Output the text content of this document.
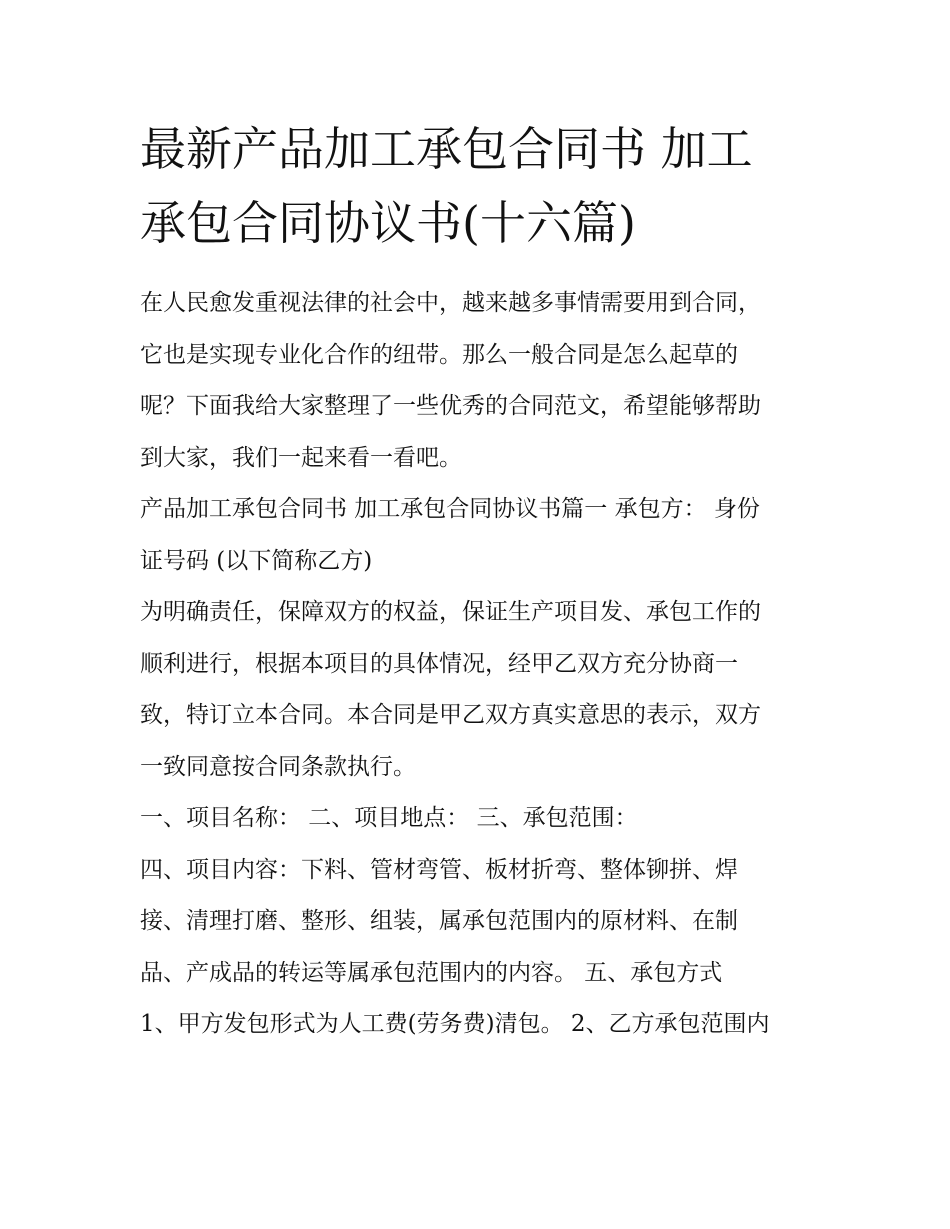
最新产品加工承包合同书 加工
承包合同协议书(十六篇)

在人民愈发重视法律的社会中，越来越多事情需要用到合同，
它也是实现专业化合作的纽带。那么一般合同是怎么起草的
呢？下面我给大家整理了一些优秀的合同范文，希望能够帮助
到大家，我们一起来看一看吧。

产品加工承包合同书 加工承包合同协议书篇一 承包方： 身份
证号码 (以下简称乙方)

为明确责任，保障双方的权益，保证生产项目发、承包工作的
顺利进行，根据本项目的具体情况，经甲乙双方充分协商一
致，特订立本合同。本合同是甲乙双方真实意思的表示，双方
一致同意按合同条款执行。

一、项目名称： 二、项目地点： 三、承包范围：

四、项目内容：下料、管材弯管、板材折弯、整体铆拼、焊
接、清理打磨、整形、组装，属承包范围内的原材料、在制
品、产成品的转运等属承包范围内的内容。 五、承包方式

1、甲方发包形式为人工费(劳务费)清包。 2、乙方承包范围内
